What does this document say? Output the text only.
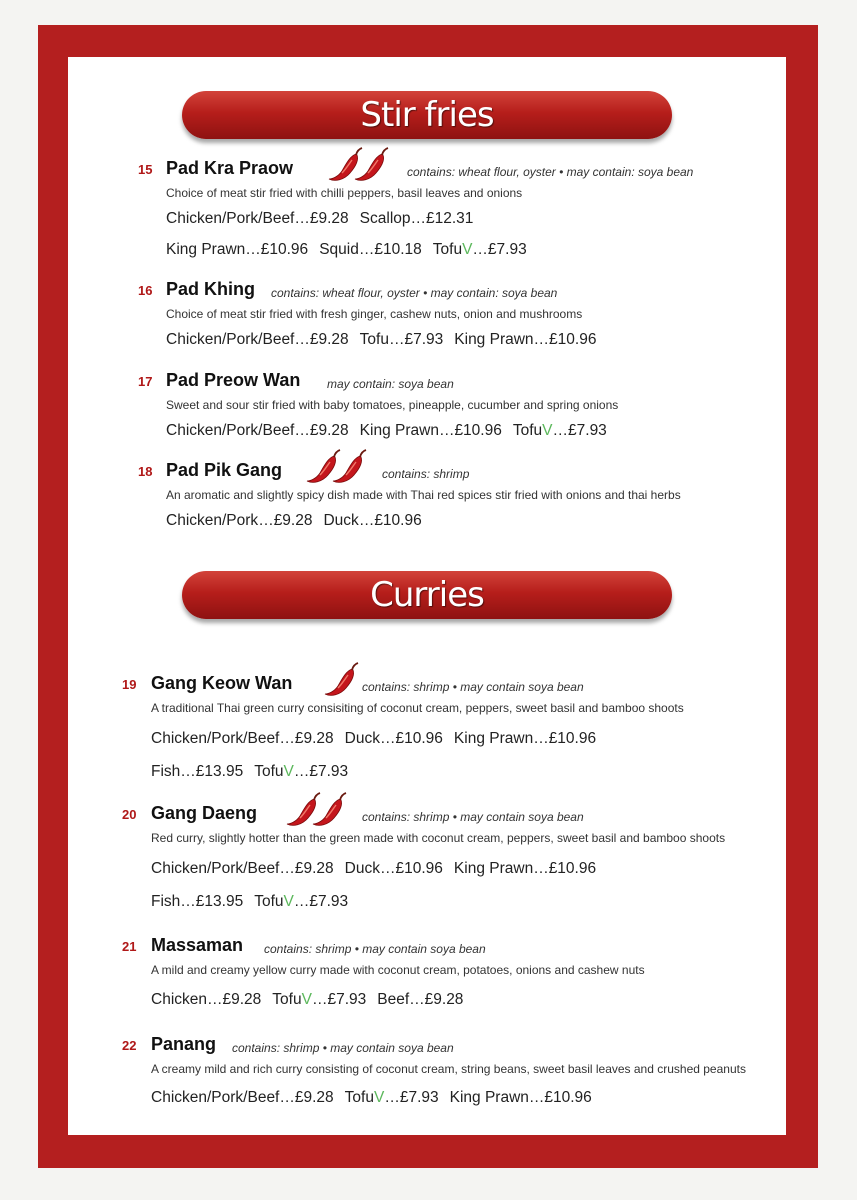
Stir fries
Curries
15 Pad Kra Praow	contains: wheat flour, oyster • may contain: soya bean
Choice of meat stir fried with chilli peppers, basil leaves and onions
Chicken/Pork/Beef…£9.28 Scallop…£12.31
King Prawn…£10.96 Squid…£10.18 TofuV…£7.93
16 Pad Khing contains: wheat flour, oyster • may contain: soya bean
Choice of meat stir fried with fresh ginger, cashew nuts, onion and mushrooms
Chicken/Pork/Beef…£9.28 Tofu…£7.93 King Prawn…£10.96
17 Pad Preow Wan may contain: soya bean
Sweet and sour stir fried with baby tomatoes, pineapple, cucumber and spring onions
Chicken/Pork/Beef…£9.28 King Prawn…£10.96 TofuV…£7.93
18 Pad Pik Gang	contains: shrimp
An aromatic and slightly spicy dish made with Thai red spices stir fried with onions and thai herbs
Chicken/Pork…£9.28 Duck…£10.96
19 Gang Keow Wan	contains: shrimp • may contain soya bean
A traditional Thai green curry consisiting of coconut cream, peppers, sweet basil and bamboo shoots
Chicken/Pork/Beef…£9.28 Duck…£10.96 King Prawn…£10.96
Fish…£13.95 TofuV…£7.93
20 Gang Daeng	contains: shrimp • may contain soya bean
Red curry, slightly hotter than the green made with coconut cream, peppers, sweet basil and bamboo shoots
Chicken/Pork/Beef…£9.28 Duck…£10.96 King Prawn…£10.96
Fish…£13.95 TofuV…£7.93
21 Massaman contains: shrimp • may contain soya bean
A mild and creamy yellow curry made with coconut cream, potatoes, onions and cashew nuts
Chicken…£9.28 TofuV…£7.93 Beef…£9.28
22 Panang contains: shrimp • may contain soya bean
A creamy mild and rich curry consisting of coconut cream, string beans, sweet basil leaves and crushed peanuts
Chicken/Pork/Beef…£9.28 TofuV…£7.93 King Prawn…£10.96
